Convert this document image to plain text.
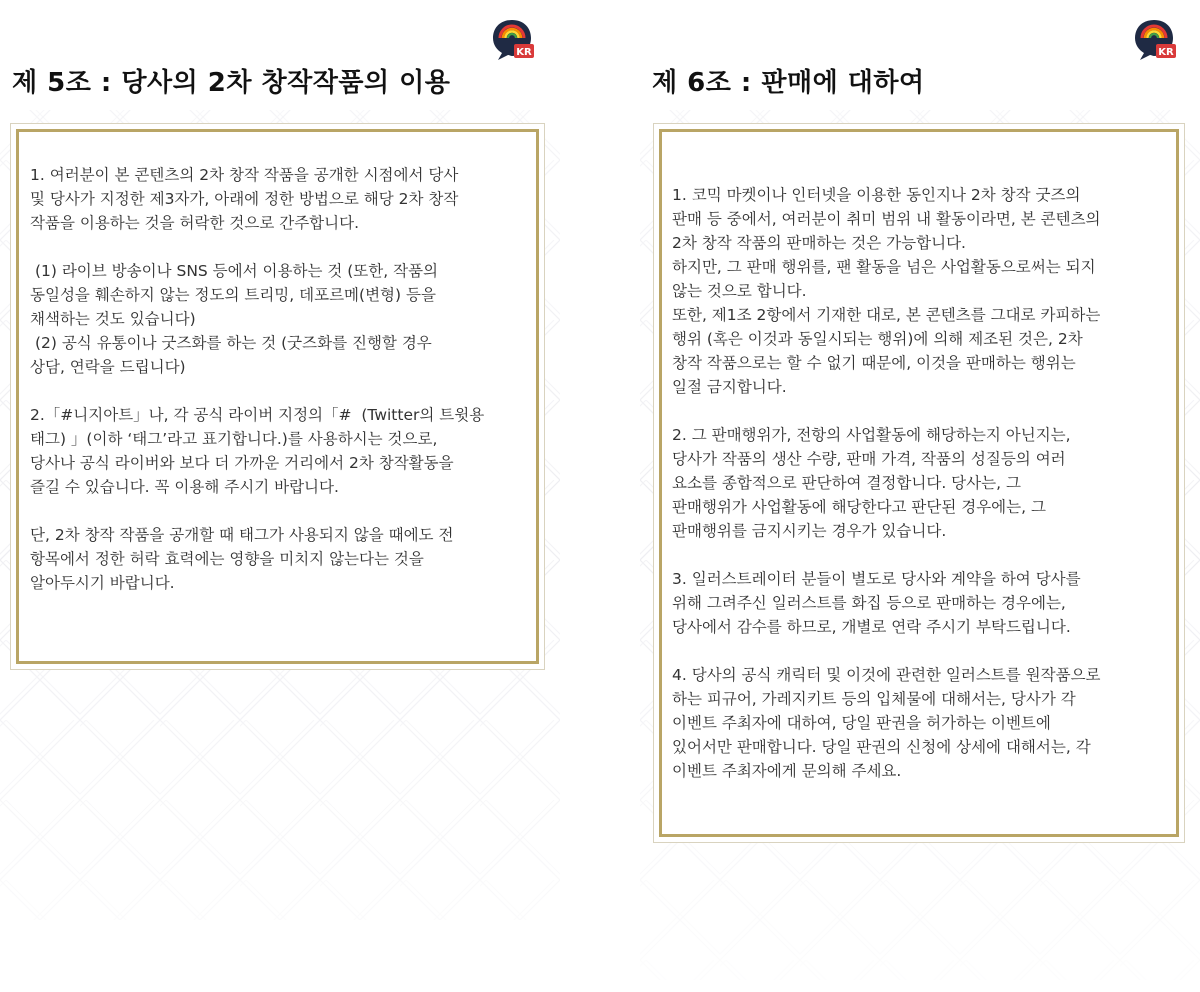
KR
제 5조 : 당사의 2차 창작작품의 이용

1. 여러분이 본 콘텐츠의 2차 창작 작품을 공개한 시점에서 당사
및 당사가 지정한 제3자가, 아래에 정한 방법으로 해당 2차 창작
작품을 이용하는 것을 허락한 것으로 간주합니다.

(1) 라이브 방송이나 SNS 등에서 이용하는 것 (또한, 작품의
동일성을 훼손하지 않는 정도의 트리밍, 데포르메(변형) 등을
채색하는 것도 있습니다)
(2) 공식 유통이나 굿즈화를 하는 것 (굿즈화를 진행할 경우
상담, 연락을 드립니다)

2.「#니지아트」나, 각 공식 라이버 지정의「#  (Twitter의 트윗용
태그) 」(이하 ‘태그’라고 표기합니다.)를 사용하시는 것으로,
당사나 공식 라이버와 보다 더 가까운 거리에서 2차 창작활동을
즐길 수 있습니다. 꼭 이용해 주시기 바랍니다.

단, 2차 창작 작품을 공개할 때 태그가 사용되지 않을 때에도 전
항목에서 정한 허락 효력에는 영향을 미치지 않는다는 것을
알아두시기 바랍니다.

KR
제 6조 : 판매에 대하여

1. 코믹 마켓이나 인터넷을 이용한 동인지나 2차 창작 굿즈의
판매 등 중에서, 여러분이 취미 범위 내 활동이라면, 본 콘텐츠의
2차 창작 작품의 판매하는 것은 가능합니다.
하지만, 그 판매 행위를, 팬 활동을 넘은 사업활동으로써는 되지
않는 것으로 합니다.
또한, 제1조 2항에서 기재한 대로, 본 콘텐츠를 그대로 카피하는
행위 (혹은 이것과 동일시되는 행위)에 의해 제조된 것은, 2차
창작 작품으로는 할 수 없기 때문에, 이것을 판매하는 행위는
일절 금지합니다.

2. 그 판매행위가, 전항의 사업활동에 해당하는지 아닌지는,
당사가 작품의 생산 수량, 판매 가격, 작품의 성질등의 여러
요소를 종합적으로 판단하여 결정합니다. 당사는, 그
판매행위가 사업활동에 해당한다고 판단된 경우에는, 그
판매행위를 금지시키는 경우가 있습니다.

3. 일러스트레이터 분들이 별도로 당사와 계약을 하여 당사를
위해 그려주신 일러스트를 화집 등으로 판매하는 경우에는,
당사에서 감수를 하므로, 개별로 연락 주시기 부탁드립니다.

4. 당사의 공식 캐릭터 및 이것에 관련한 일러스트를 원작품으로
하는 피규어, 가레지키트 등의 입체물에 대해서는, 당사가 각
이벤트 주최자에 대하여, 당일 판권을 허가하는 이벤트에
있어서만 판매합니다. 당일 판권의 신청에 상세에 대해서는, 각
이벤트 주최자에게 문의해 주세요.
